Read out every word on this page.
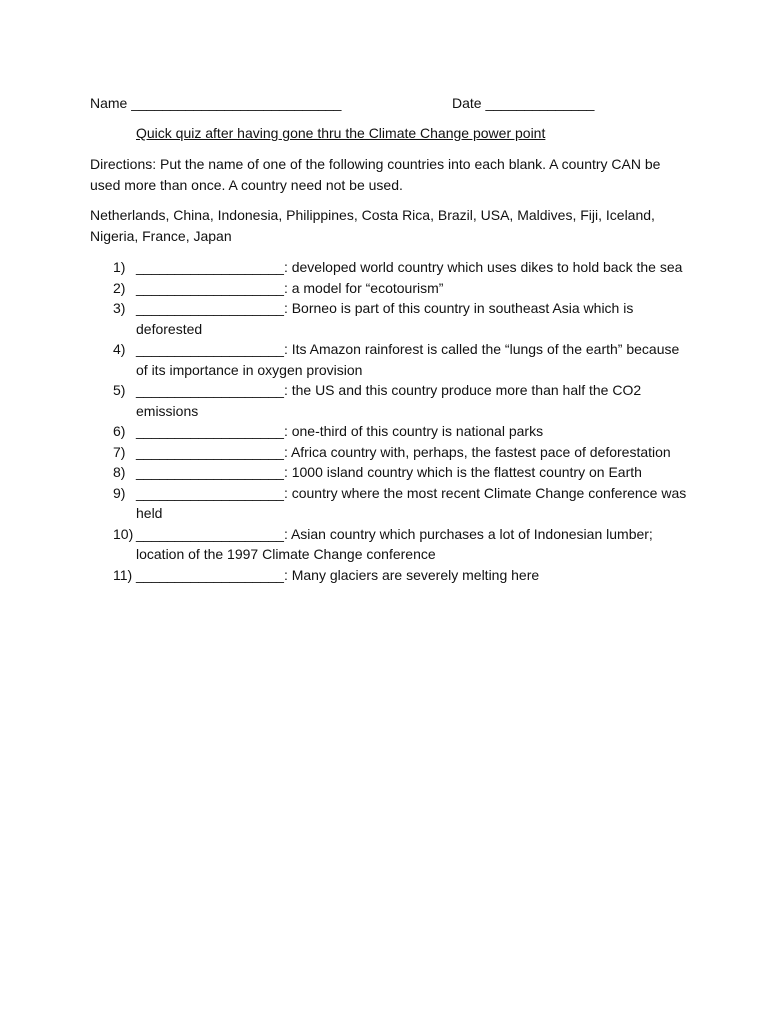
Name ___________________________	Date ______________
Quick quiz after having gone thru the Climate Change power point
Directions: Put the name of one of the following countries into each blank. A country CAN be used more than once. A country need not be used.
Netherlands, China, Indonesia, Philippines, Costa Rica, Brazil, USA, Maldives, Fiji, Iceland, Nigeria, France, Japan
1) ___________________: developed world country which uses dikes to hold back the sea
2) ___________________: a model for “ecotourism”
3) ___________________: Borneo is part of this country in southeast Asia which is deforested
4) ___________________: Its Amazon rainforest is called the “lungs of the earth” because of its importance in oxygen provision
5) ___________________: the US and this country produce more than half the CO2 emissions
6) ___________________: one-third of this country is national parks
7) ___________________: Africa country with, perhaps, the fastest pace of deforestation
8) ___________________: 1000 island country which is the flattest country on Earth
9) ___________________: country where the most recent Climate Change conference was held
10) ___________________: Asian country which purchases a lot of Indonesian lumber; location of the 1997 Climate Change conference
11) ___________________: Many glaciers are severely melting here
